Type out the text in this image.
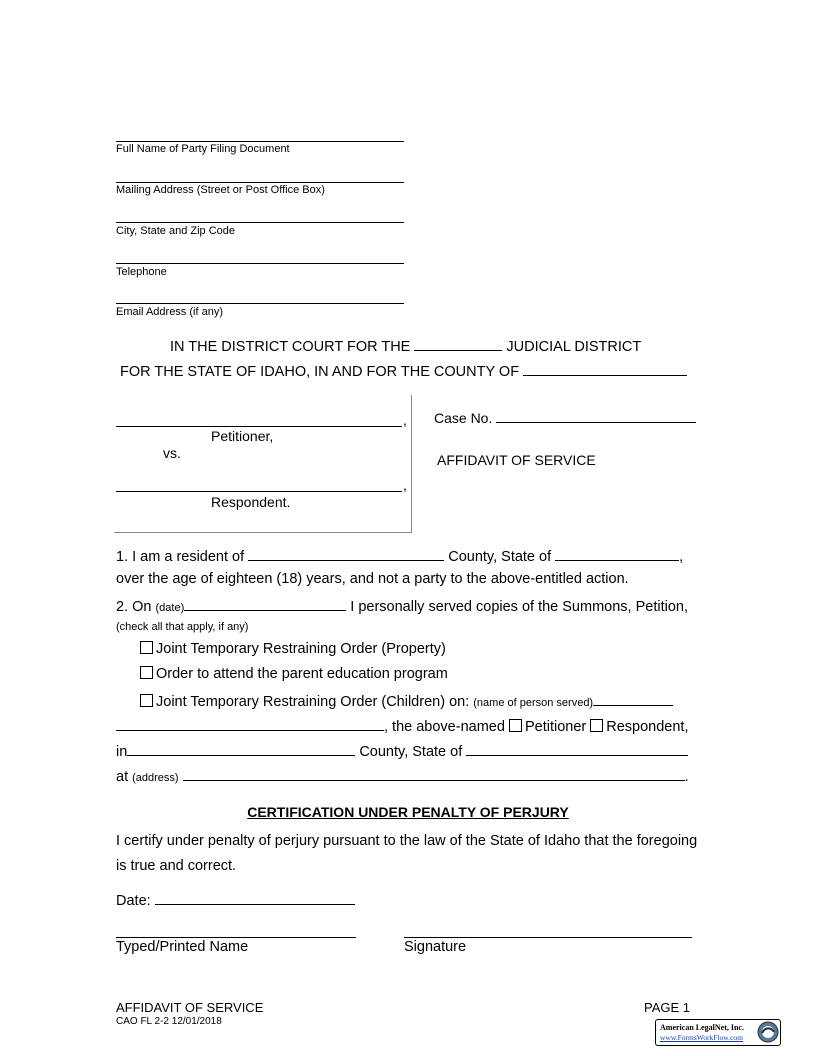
Full Name of Party Filing Document
Mailing Address (Street or Post Office Box)
City, State and Zip Code
Telephone
Email Address (if any)
IN THE DISTRICT COURT FOR THE	JUDICIAL DISTRICT
FOR THE STATE OF IDAHO, IN AND FOR THE COUNTY OF
,
Petitioner,
vs.
,
Respondent.
Case No.
AFFIDAVIT OF SERVICE
1. I am a resident of	County, State of	,
over the age of eighteen (18) years, and not a party to the above-entitled action.
2. On (date)	I personally served copies of the Summons, Petition,
(check all that apply, if any)
Joint Temporary Restraining Order (Property)
Order to attend the parent education program
Joint Temporary Restraining Order (Children) on: (name of person served)
, the above-named Petitioner Respondent,
in	County, State of
at (address)	.
CERTIFICATION UNDER PENALTY OF PERJURY
I certify under penalty of perjury pursuant to the law of the State of Idaho that the foregoing
is true and correct.
Date:
Typed/Printed Name	Signature
AFFIDAVIT OF SERVICE
CAO FL 2-2 12/01/2018
PAGE 1
American LegalNet, Inc.
www.FormsWorkFlow.com
